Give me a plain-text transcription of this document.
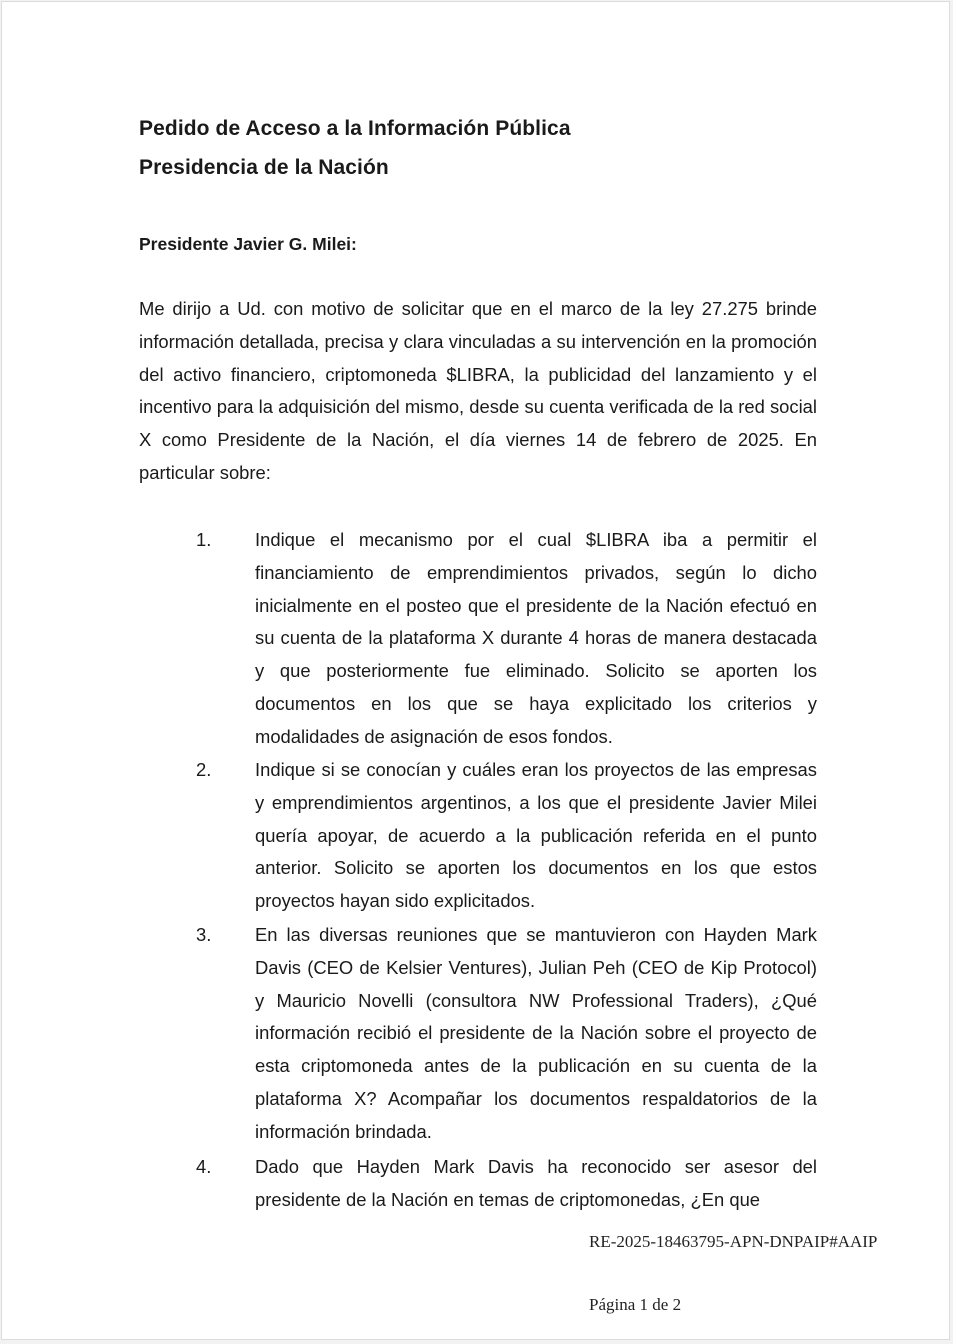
Pedido de Acceso a la Información Pública
Presidencia de la Nación
Presidente Javier G. Milei:
Me dirijo a Ud. con motivo de solicitar que en el marco de la ley 27.275 brinde información detallada, precisa y clara vinculadas a su intervención en la promoción del activo financiero, criptomoneda $LIBRA, la publicidad del lanzamiento y el incentivo para la adquisición del mismo, desde su cuenta verificada de la red social X como Presidente de la Nación, el día viernes 14 de febrero de 2025. En particular sobre:
1. Indique el mecanismo por el cual $LIBRA iba a permitir el financiamiento de emprendimientos privados, según lo dicho inicialmente en el posteo que el presidente de la Nación efectuó en su cuenta de la plataforma X durante 4 horas de manera destacada y que posteriormente fue eliminado. Solicito se aporten los documentos en los que se haya explicitado los criterios y modalidades de asignación de esos fondos.
2. Indique si se conocían y cuáles eran los proyectos de las empresas y emprendimientos argentinos, a los que el presidente Javier Milei quería apoyar, de acuerdo a la publicación referida en el punto anterior. Solicito se aporten los documentos en los que estos proyectos hayan sido explicitados.
3. En las diversas reuniones que se mantuvieron con Hayden Mark Davis (CEO de Kelsier Ventures), Julian Peh (CEO de Kip Protocol) y Mauricio Novelli (consultora NW Professional Traders), ¿Qué información recibió el presidente de la Nación sobre el proyecto de esta criptomoneda antes de la publicación en su cuenta de la plataforma X? Acompañar los documentos respaldatorios de la información brindada.
4. Dado que Hayden Mark Davis ha reconocido ser asesor del presidente de la Nación en temas de criptomonedas, ¿En que
RE-2025-18463795-APN-DNPAIP#AAIP
Página 1 de 2
